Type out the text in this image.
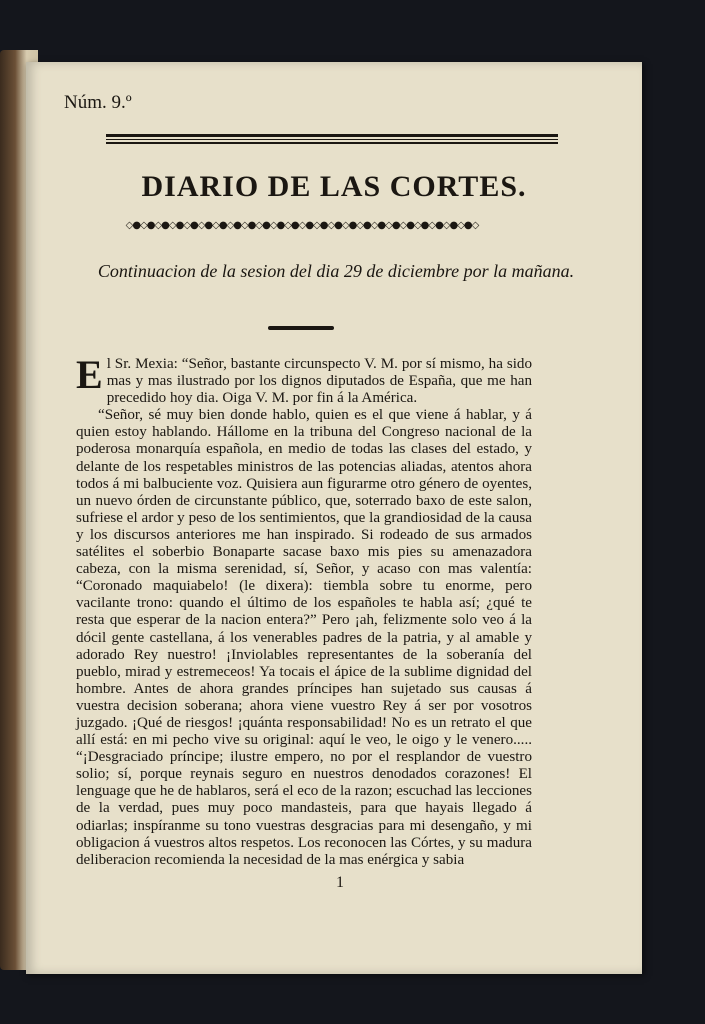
Núm. 9.º
DIARIO DE LAS CORTES.
◇●◇●◇●◇●◇●◇●◇●◇●◇●◇●◇●◇●◇●◇●◇●◇●◇●◇●◇●◇●◇●◇●◇●◇●◇
Continuacion de la sesion del dia 29 de diciembre por la mañana.

El Sr. Mexia: “Señor, bastante circunspecto V. M. por sí mismo, ha sido mas y mas ilustrado por los dignos diputados de España, que me han precedido hoy dia. Oiga V. M. por fin á la América.

“Señor, sé muy bien donde hablo, quien es el que viene á hablar, y á quien estoy hablando. Hállome en la tribuna del Congreso nacional de la poderosa monarquía española, en medio de todas las clases del estado, y delante de los respetables ministros de las potencias aliadas, atentos ahora todos á mi balbuciente voz. Quisiera aun figurarme otro género de oyentes, un nuevo órden de circunstante público, que, soterrado baxo de este salon, sufriese el ardor y peso de los sentimientos, que la grandiosidad de la causa y los discursos anteriores me han inspirado. Si rodeado de sus armados satélites el soberbio Bonaparte sacase baxo mis pies su amenazadora cabeza, con la misma serenidad, sí, Señor, y acaso con mas valentía: “Coronado maquiabelo! (le dixera): tiembla sobre tu enorme, pero vacilante trono: quando el último de los españoles te habla así; ¿qué te resta que esperar de la nacion entera?” Pero ¡ah, felizmente solo veo á la dócil gente castellana, á los venerables padres de la patria, y al amable y adorado Rey nuestro! ¡Inviolables representantes de la soberanía del pueblo, mirad y estremeceos! Ya tocais el ápice de la sublime dignidad del hombre. Antes de ahora grandes príncipes han sujetado sus causas á vuestra decision soberana; ahora viene vuestro Rey á ser por vosotros juzgado. ¡Qué de riesgos! ¡quánta responsabilidad! No es un retrato el que allí está: en mi pecho vive su original: aquí le veo, le oigo y le venero..... “¡Desgraciado príncipe; ilustre empero, no por el resplandor de vuestro solio; sí, porque reynais seguro en nuestros denodados corazones! El lenguage que he de hablaros, será el eco de la razon; escuchad las lecciones de la verdad, pues muy poco mandasteis, para que hayais llegado á odiarlas; inspíranme su tono vuestras desgracias para mi desengaño, y mi obligacion á vuestros altos respetos. Los reconocen las Córtes, y su madura deliberacion recomienda la necesidad de la mas enérgica y sabia

1
